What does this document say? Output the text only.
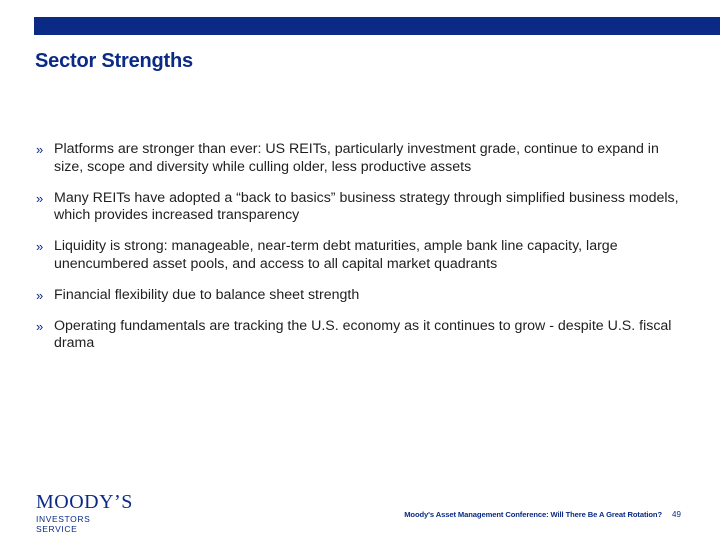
Sector Strengths
» Platforms are stronger than ever: US REITs, particularly investment grade, continue to expand in size, scope and diversity while culling older, less productive assets
» Many REITs have adopted a “back to basics” business strategy through simplified business models, which provides increased transparency
» Liquidity is strong: manageable, near-term debt maturities, ample bank line capacity, large unencumbered asset pools, and access to all capital market quadrants
» Financial flexibility due to balance sheet strength
» Operating fundamentals are tracking the U.S. economy as it continues to grow - despite U.S. fiscal drama
MOODY’S
INVESTORS SERVICE
Moody's Asset Management Conference: Will There Be A Great Rotation? 49
